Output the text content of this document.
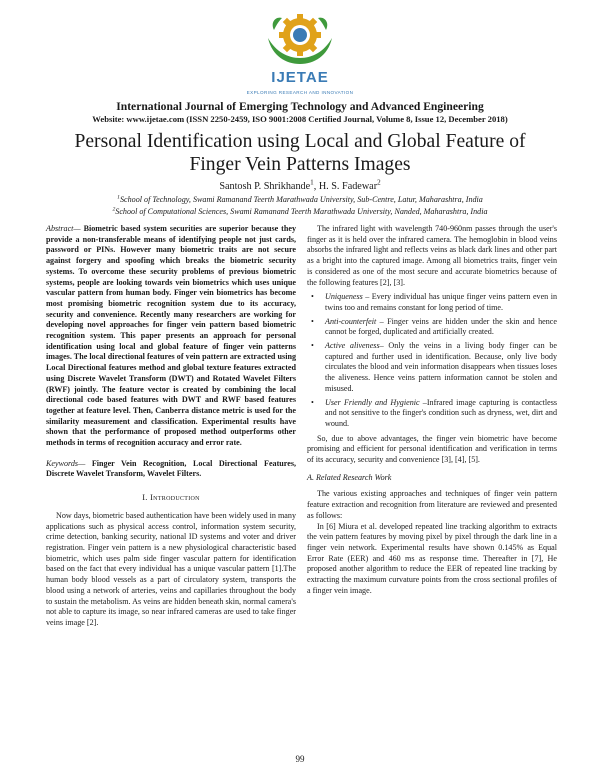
IJETAE
EXPLORING RESEARCH AND INNOVATION
International Journal of Emerging Technology and Advanced Engineering
Website: www.ijetae.com (ISSN 2250-2459, ISO 9001:2008 Certified Journal, Volume 8, Issue 12, December 2018)
Personal Identification using Local and Global Feature of
Finger Vein Patterns Images
Santosh P. Shrikhande$^1$, H. S. Fadewar$^2$
$^1$School of Technology, Swami Ramanand Teerth Marathwada University, Sub-Centre, Latur, Maharashtra, India
$^2$School of Computational Sciences, Swami Ramanand Teerth Marathwada University, Nanded, Maharashtra, India

Abstract— Biometric based system securities are superior because they provide a non-transferable means of identifying people not just cards, password or PINs. However many biometric traits are not secure against forgery and spoofing which breaks the biometric security systems. To overcome these security problems of previous biometric systems, people are looking towards vein biometrics which uses unique vascular pattern from human body. Finger vein biometrics has become most promising biometric recognition system due to its accuracy, security and convenience. Recently many researchers are working for developing novel approaches for finger vein pattern based biometric recognition system. This paper presents an approach for personal identification using local and global feature of finger vein patterns images. The local directional features of vein pattern are extracted using Local Directional features method and global texture features extracted using Discrete Wavelet Transform (DWT) and Rotated Wavelet Filters (RWF) jointly. The feature vector is created by combining the local directional code based features with DWT and RWF based features together at feature level. Then, Canberra distance metric is used for the similarity measurement and classification. Experimental results have shown that the performance of proposed method outperforms other methods in terms of recognition accuracy and error rate.

Keywords— Finger Vein Recognition, Local Directional Features, Discrete Wavelet Transform, Wavelet Filters.

I. Introduction

Now days, biometric based authentication have been widely used in many applications such as physical access control, information system security, crime detection, banking security, national ID systems and voter and driver registration. Finger vein pattern is a new physiological characteristic based biometric, which uses palm side finger vascular pattern for identification based on the fact that every individual has a unique vascular pattern [1].The human body blood vessels as a part of circulatory system, transports the blood using a network of arteries, veins and capillaries throughout the body to sustain the metabolism. As veins are hidden beneath skin, normal camera's not able to capture its image, so near infrared cameras are used to take finger veins image [2].

The infrared light with wavelength 740-960nm passes through the user's finger as it is held over the infrared camera. The hemoglobin in blood veins absorbs the infrared light and reflects veins as black dark lines and other part as a bright into the captured image. Among all biometrics traits, finger vein is considered as one of the most secure and accurate biometrics because of the following features [2], [3].

• Uniqueness – Every individual has unique finger veins pattern even in twins too and remains constant for long period of time.
• Anti-counterfeit – Finger veins are hidden under the skin and hence cannot be forged, duplicated and artificially created.
• Active aliveness– Only the veins in a living body finger can be captured and further used in identification. Because, only live body circulates the blood and vein information disappears when tissues loses the aliveness. Hence veins pattern information cannot be stolen and misused.
• User Friendly and Hygienic –Infrared image capturing is contactless and not sensitive to the finger's condition such as dryness, wet, dirt and wound.

So, due to above advantages, the finger vein biometric have become promising and efficient for personal identification and verification in terms of its accuracy, security and convenience [3], [4], [5].

A. Related Research Work

The various existing approaches and techniques of finger vein pattern feature extraction and recognition from literature are reviewed and presented as follows:

In [6] Miura et al. developed repeated line tracking algorithm to extracts the vein pattern features by moving pixel by pixel through the dark line in a finger vein network. Experimental results have shown 0.145% as Equal Error Rate (EER) and 460 ms as response time. Thereafter in [7], He proposed another algorithm to reduce the EER of repeated line tracking by extracting the maximum curvature points from the cross sectional profiles of a finger vein image.

99
